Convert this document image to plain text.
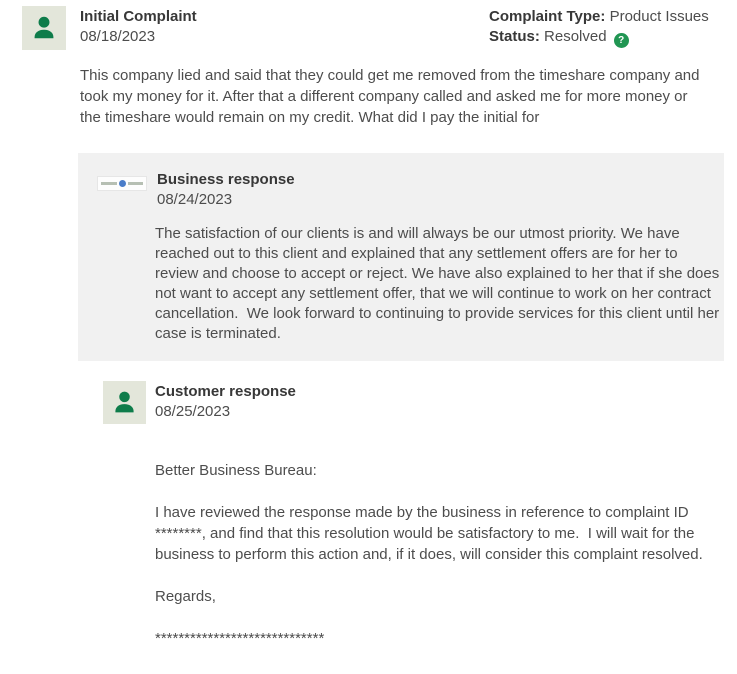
Initial Complaint
08/18/2023
Complaint Type: Product Issues
Status: Resolved ?

This company lied and said that they could get me removed from the timeshare company and took my money for it. After that a different company called and asked me for more money or the timeshare would remain on my credit. What did I pay the initial for

Business response
08/24/2023

The satisfaction of our clients is and will always be our utmost priority. We have reached out to this client and explained that any settlement offers are for her to review and choose to accept or reject. We have also explained to her that if she does not want to accept any settlement offer, that we will continue to work on her contract cancellation.  We look forward to continuing to provide services for this client until her case is terminated.

Customer response
08/25/2023

Better Business Bureau:

I have reviewed the response made by the business in reference to complaint ID ********, and find that this resolution would be satisfactory to me.  I will wait for the business to perform this action and, if it does, will consider this complaint resolved.

Regards,

*****************************
